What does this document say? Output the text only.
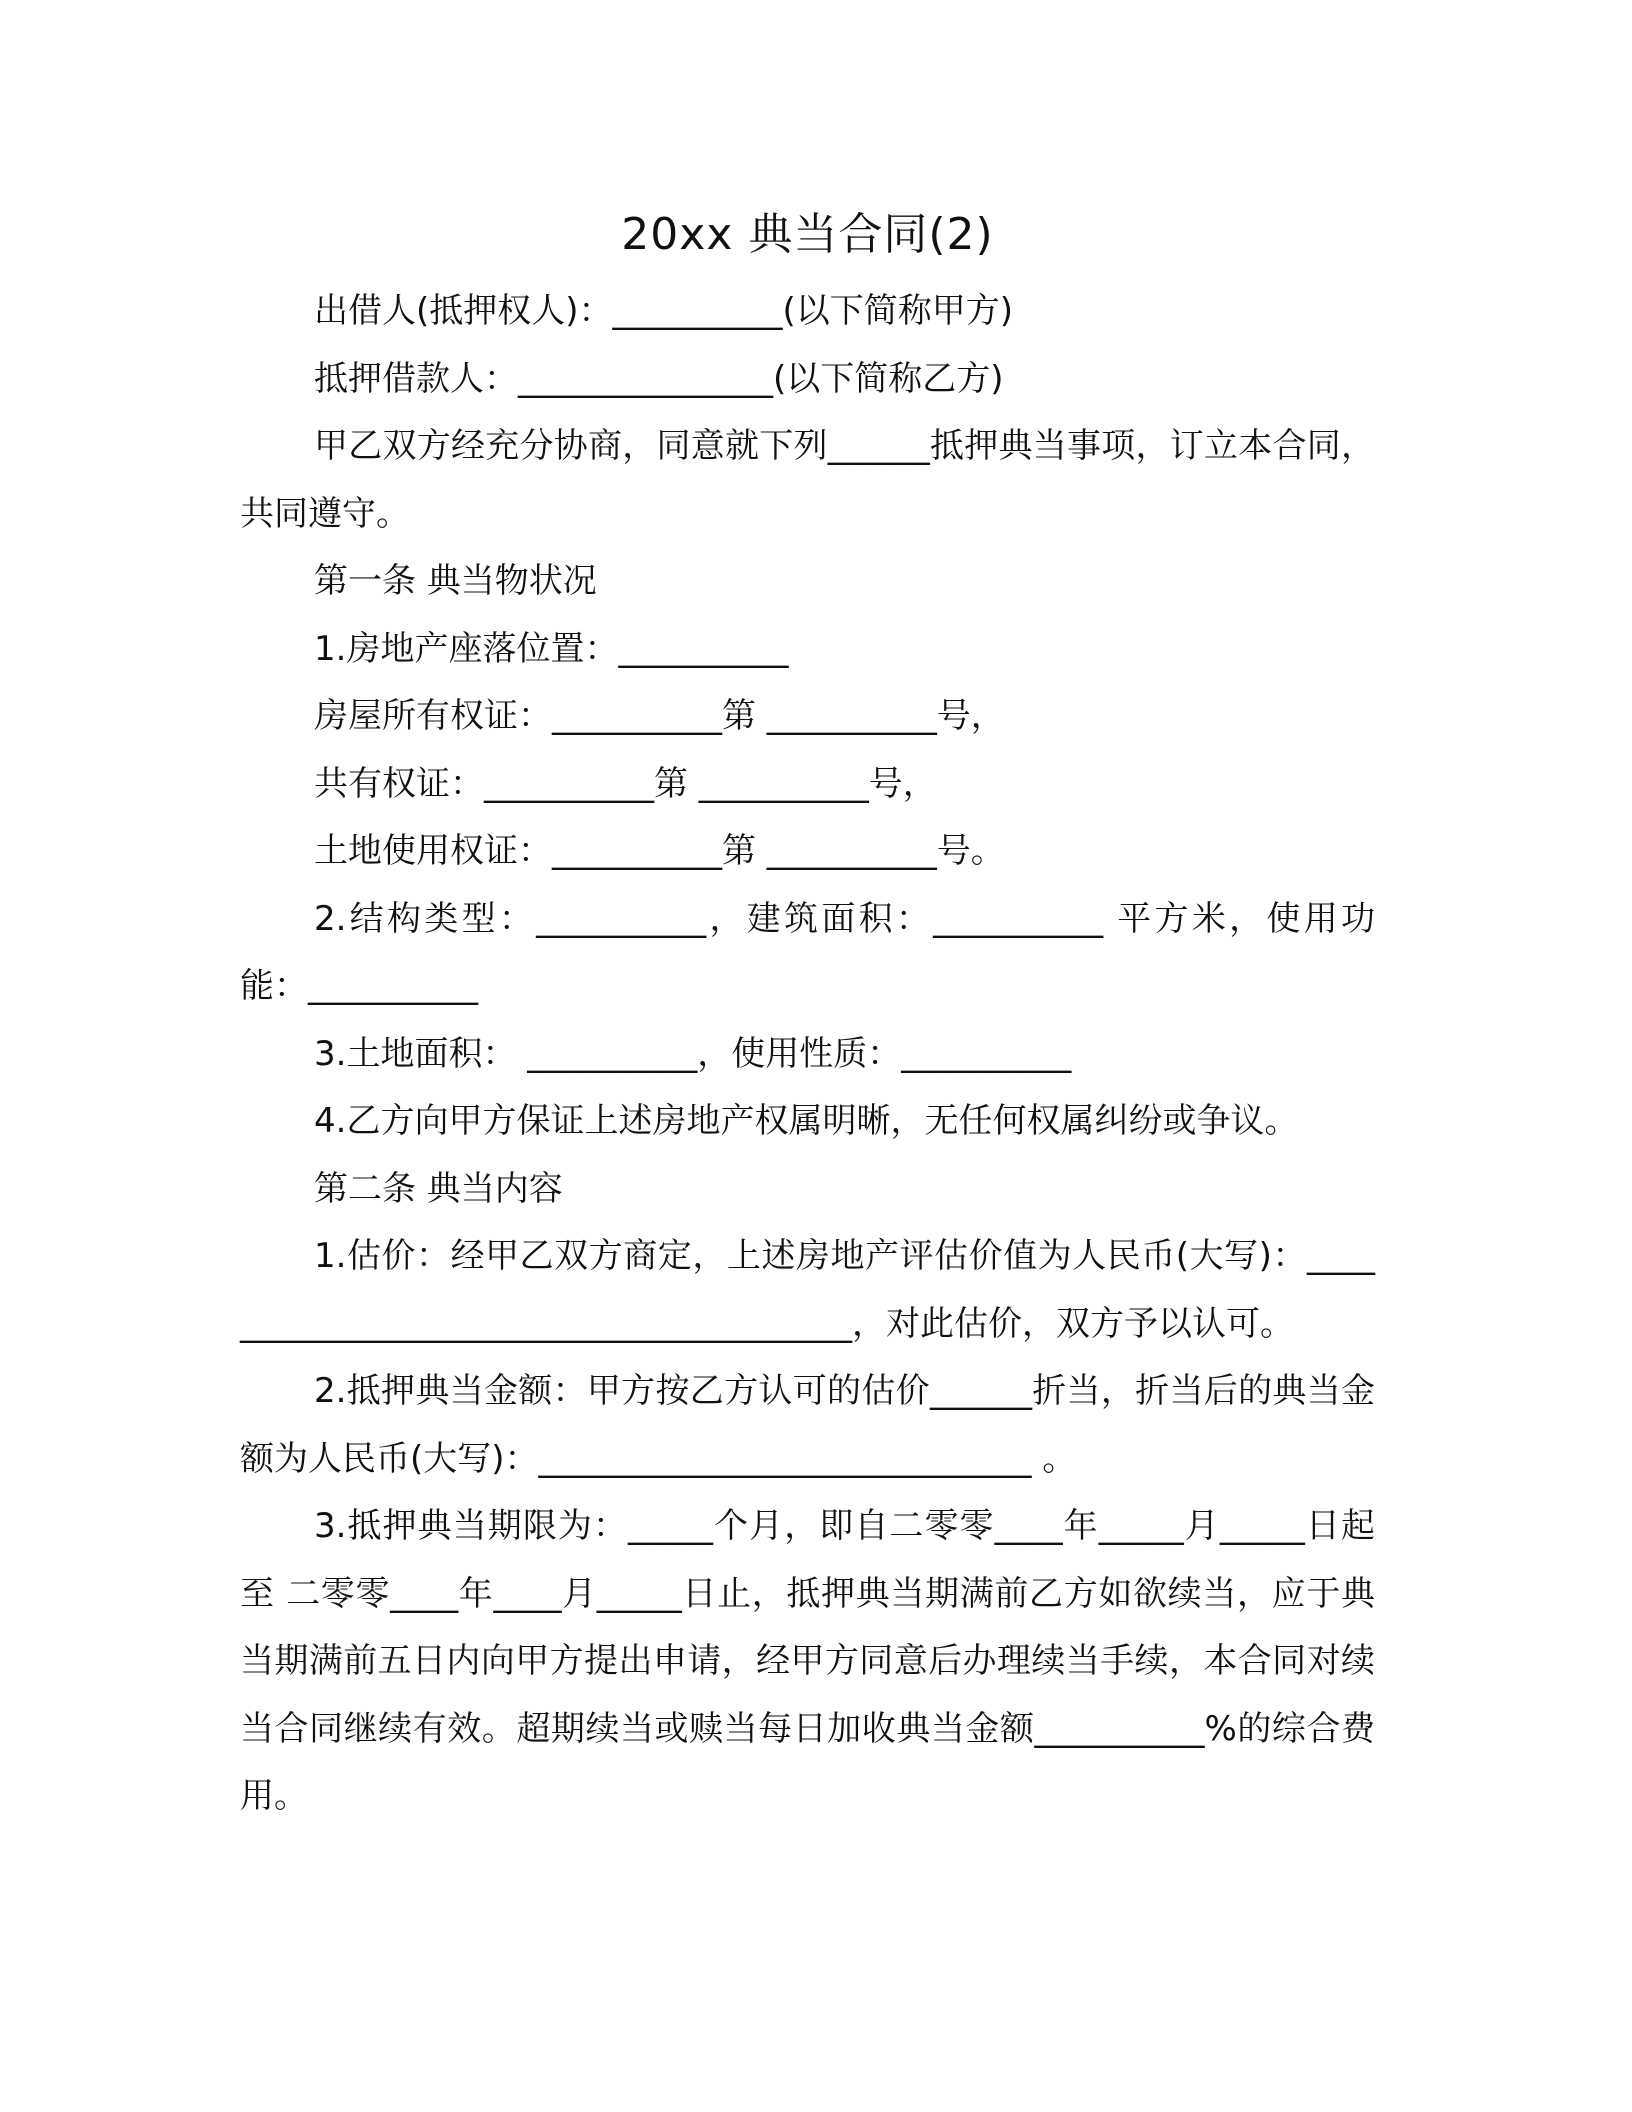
20xx 典当合同(2)

出借人(抵押权人)：__________(以下简称甲方)

抵押借款人：_______________(以下简称乙方)

甲乙双方经充分协商，同意就下列______抵押典当事项，订立本合同，共同遵守。

第一条 典当物状况

1.房地产座落位置：__________

房屋所有权证：__________第 __________号，

共有权证：__________第 __________号，

土地使用权证：__________第 __________号。

2.结构类型：__________，建筑面积：__________ 平方米，使用功能：__________

3.土地面积： __________，使用性质：__________

4.乙方向甲方保证上述房地产权属明晰，无任何权属纠纷或争议。

第二条 典当内容

1.估价：经甲乙双方商定，上述房地产评估价值为人民币(大写)：________________________________________，对此估价，双方予以认可。

2.抵押典当金额：甲方按乙方认可的估价______折当，折当后的典当金额为人民币(大写)：_____________________________ 。

3.抵押典当期限为：_____个月，即自二零零____年_____月_____日起至 二零零____年____月_____日止，抵押典当期满前乙方如欲续当，应于典当期满前五日内向甲方提出申请，经甲方同意后办理续当手续，本合同对续当合同继续有效。超期续当或赎当每日加收典当金额__________%的综合费用。
